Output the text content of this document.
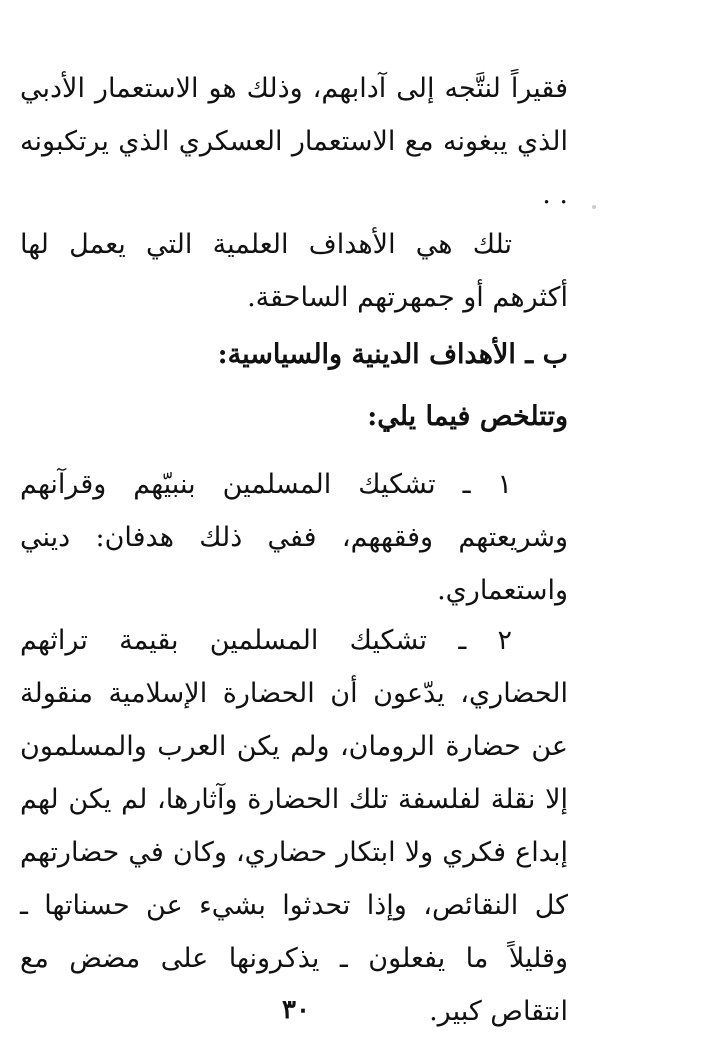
فقيراً لنتَّجه إلى آدابهم، وذلك هو الاستعمار الأدبي الذي يبغونه مع الاستعمار العسكري الذي يرتكبونه . .

تلك هي الأهداف العلمية التي يعمل لها أكثرهم أو جمهرتهم الساحقة.

ب ـ الأهداف الدينية والسياسية:

وتتلخص فيما يلي:

١ ـ تشكيك المسلمين بنبيّهم وقرآنهم وشريعتهم وفقههم، ففي ذلك هدفان: ديني واستعماري.

٢ ـ تشكيك المسلمين بقيمة تراثهم الحضاري، يدّعون أن الحضارة الإسلامية منقولة عن حضارة الرومان، ولم يكن العرب والمسلمون إلا نقلة لفلسفة تلك الحضارة وآثارها، لم يكن لهم إبداع فكري ولا ابتكار حضاري، وكان في حضارتهم كل النقائص، وإذا تحدثوا بشيء عن حسناتها ـ وقليلاً ما يفعلون ـ يذكرونها على مضض مع انتقاص كبير.

٣٠
